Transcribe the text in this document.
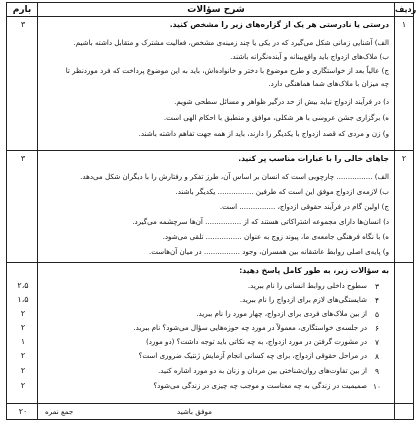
بارم	شرح سؤالات	ردیف
۳	۱
درستی یا نادرستی هر یک از گزاره‌های زیر را مشخص کنید.
الف) آشنایی زمانی شکل می‌گیرد که در یکی یا چند زمینه‌ی مشخص، فعالیت مشترک و متقابل داشته باشیم.
ب) ملاک‌های ازدواج باید واقع‌بینانه و آینده‌نگرانه باشند.
ج) عالیاً بعد از خواستگاری و طرح موضوع با دختر و خانواده‌اش، باید به این موضوع پرداخت که فرد موردنظر تا
چه میزان با ملاک‌های شما هماهنگی دارد.
د) در فرآیند ازدواج نباید بیش از حد درگیر ظواهر و مسائل سطحی شویم.
ه) برگزاری جشن عروسی با هر شکلی، موافق و منطبق با احکام الهی است.
و) زن و مردی که قصد ازدواج با یکدیگر را دارند، باید از همه جهت تفاهم داشته باشند.
۳	۲
جاهای خالی را با عبارات مناسب پر کنید.
الف) ................ چارچوبی است که انسان بر اساس آن، طرز تفکر و رفتارش را با دیگران شکل می‌دهد.
ب) لازمه‌ی ازدواج موفق این است که طرفین ................ یکدیگر باشند.
ج) اولین گام در فرآیند حقوقی ازدواج، ................ است.
د) انسان‌ها دارای مجموعه اشتراکاتی هستند که از ................ آن‌ها سرچشمه می‌گیرد.
ه) با نگاه فرهنگی جامعه‌ی ما، پیوند زوج به عنوان ................ تلقی می‌شود.
و) پایه‌ی اصلی روابط عاشقانه بین همسران، وجود ................ در میان آن‌هاست.
به سؤالات زیر، به طور کامل پاسخ دهید:
۲،۵	۳
سطوح داخلی روابط انسانی را نام ببرید.
۱،۵	۴
شایستگی‌های لازم برای ازدواج را نام ببرید.
۲	۵
از بین ملاک‌های فردی برای ازدواج، چهار مورد را نام ببرید.
۲	۶
در جلسه‌ی خواستگاری، معمولاً در مورد چه حوزه‌هایی سؤال می‌شود؟ نام ببرید.
۱	۷
در مشورت گرفتن در مورد ازدواج، به چه نکاتی باید توجه داشت؟ (دو مورد)
۲	۸
در مراحل حقوقی ازدواج، برای چه کسانی انجام آزمایش ژنتیک ضروری است؟
۲	۹
از بین تفاوت‌های روان‌شناختی بین مردان و زنان به دو مورد اشاره کنید.
۲	۱۰
صمیمیت در زندگی به چه معناست و موجب چه چیزی در زندگی می‌شود؟
۲۰	جمع نمره	موفق باشید
